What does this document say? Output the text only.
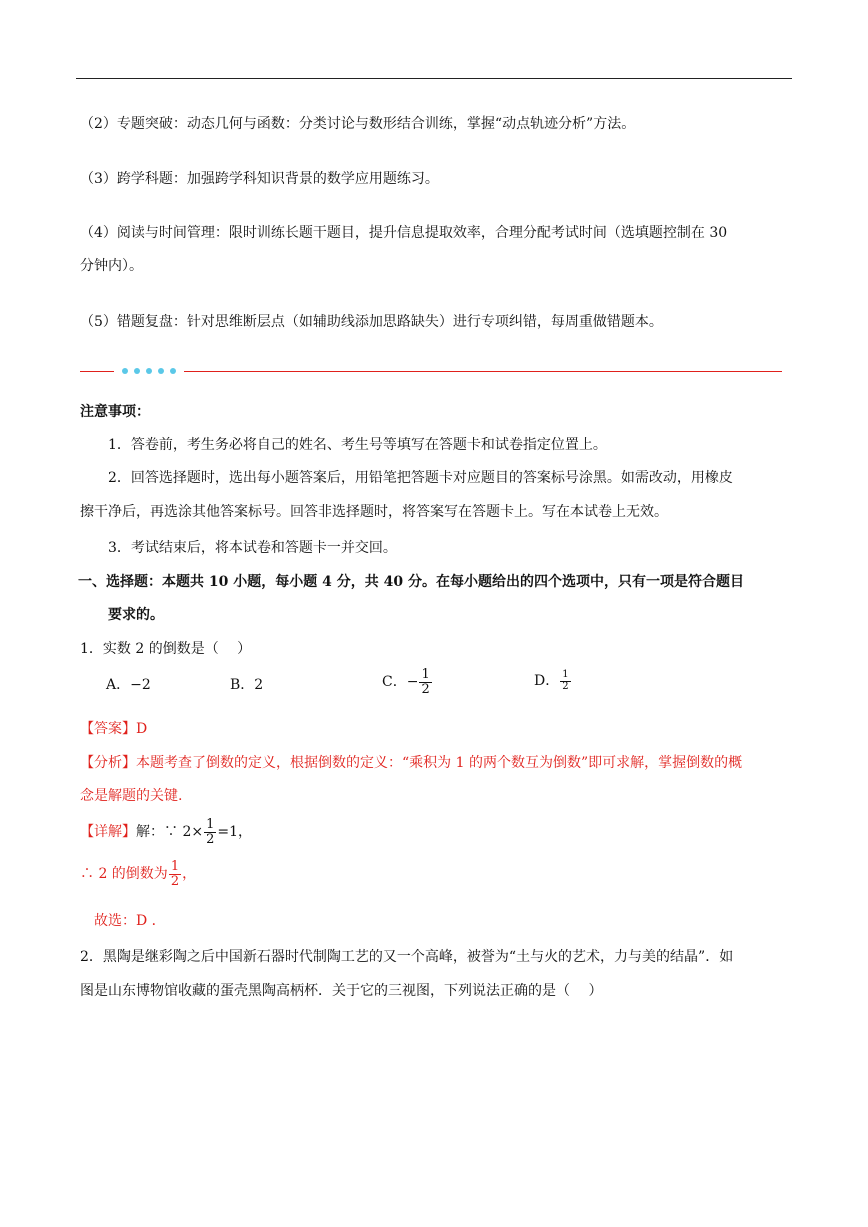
（2）专题突破：动态几何与函数：分类讨论与数形结合训练，掌握“动点轨迹分析”方法。
（3）跨学科题：加强跨学科知识背景的数学应用题练习。
（4）阅读与时间管理：限时训练长题干题目，提升信息提取效率，合理分配考试时间（选填题控制在 30
分钟内）。
（5）错题复盘：针对思维断层点（如辅助线添加思路缺失）进行专项纠错，每周重做错题本。
注意事项：
1．答卷前，考生务必将自己的姓名、考生号等填写在答题卡和试卷指定位置上。
2．回答选择题时，选出每小题答案后，用铅笔把答题卡对应题目的答案标号涂黑。如需改动，用橡皮
擦干净后，再选涂其他答案标号。回答非选择题时，将答案写在答题卡上。写在本试卷上无效。
3．考试结束后，将本试卷和答题卡一并交回。
一、选择题：本题共 10 小题，每小题 4 分，共 40 分。在每小题给出的四个选项中，只有一项是符合题目
要求的。
1．实数 2 的倒数是（　 ）
A．−2	B．2	C．− $\frac{1}{2}$	D． $\frac{1}{2}$
【答案】D
【分析】本题考查了倒数的定义，根据倒数的定义：“乘积为 1 的两个数互为倒数”即可求解，掌握倒数的概
念是解题的关键.
【详解】解：∵ $2\times \frac{1}{2} =1$，
∴ 2 的倒数为 $\frac{1}{2}$ ，
故选：D ．
2．黑陶是继彩陶之后中国新石器时代制陶工艺的又一个高峰，被誉为“土与火的艺术，力与美的结晶”．如
图是山东博物馆收藏的蛋壳黑陶高柄杯．关于它的三视图，下列说法正确的是（　 ）
